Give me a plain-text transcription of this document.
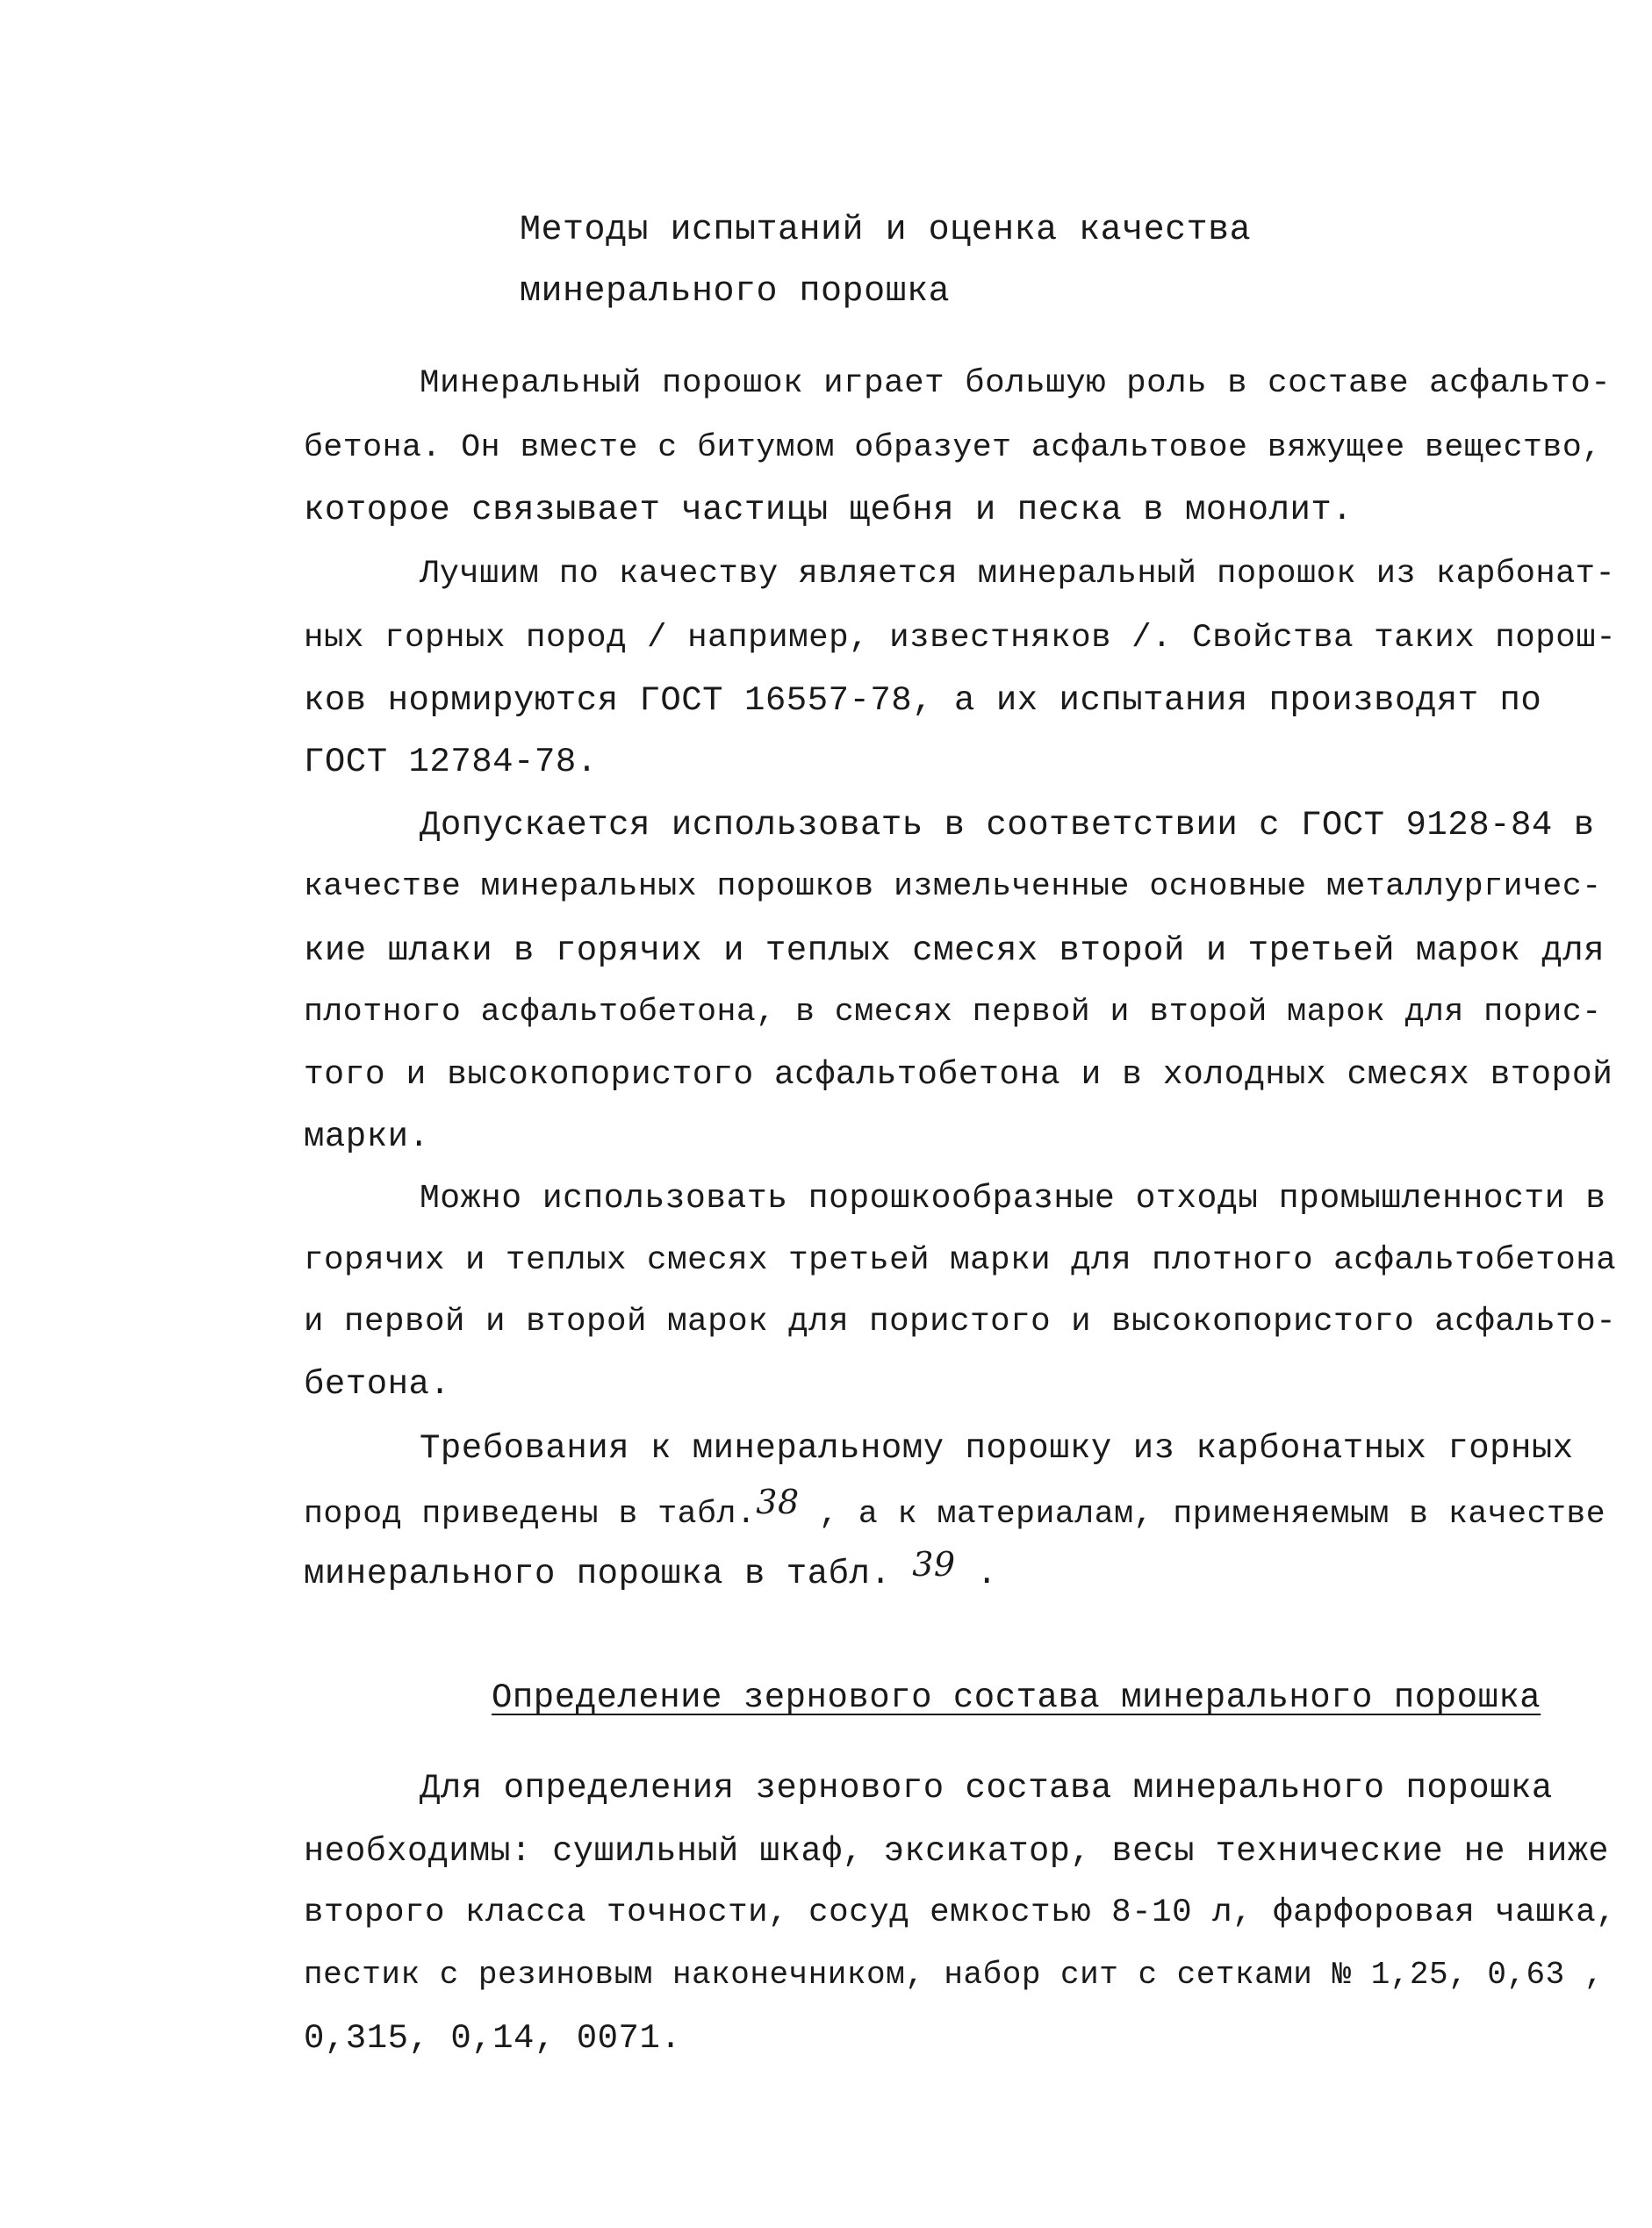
Методы испытаний и оценка качества
минерального порошка
Минеральный порошок играет большую роль в составе асфальто-
бетона. Он вместе с битумом образует асфальтовое вяжущее вещество,
которое связывает частицы щебня и песка в монолит.
Лучшим по качеству является минеральный порошок из карбонат-
ных горных пород / например, известняков /. Свойства таких порош-
ков нормируются ГОСТ 16557-78, а их испытания производят по
ГОСТ 12784-78.
Допускается использовать в соответствии с ГОСТ 9128-84 в
качестве минеральных порошков измельченные основные металлургичес-
кие шлаки в горячих и теплых смесях второй и третьей марок для
плотного асфальтобетона, в смесях первой и второй марок для порис-
того и высокопористого асфальтобетона и в холодных смесях второй
марки.
Можно использовать порошкообразные отходы промышленности в
горячих и теплых смесях третьей марки для плотного асфальтобетона
и первой и второй марок для пористого и высокопористого асфальто-
бетона.
Требования к минеральному порошку из карбонатных горных
пород приведены в табл.38 , а к материалам, применяемым в качестве
минерального порошка в табл. 39 .
Определение зернового состава минерального порошка
Для определения зернового состава минерального порошка
необходимы: сушильный шкаф, эксикатор, весы технические не ниже
второго класса точности, сосуд емкостью 8-10 л, фарфоровая чашка,
пестик с резиновым наконечником, набор сит с сетками № 1,25, 0,63 ,
0,315, 0,14, 0071.
